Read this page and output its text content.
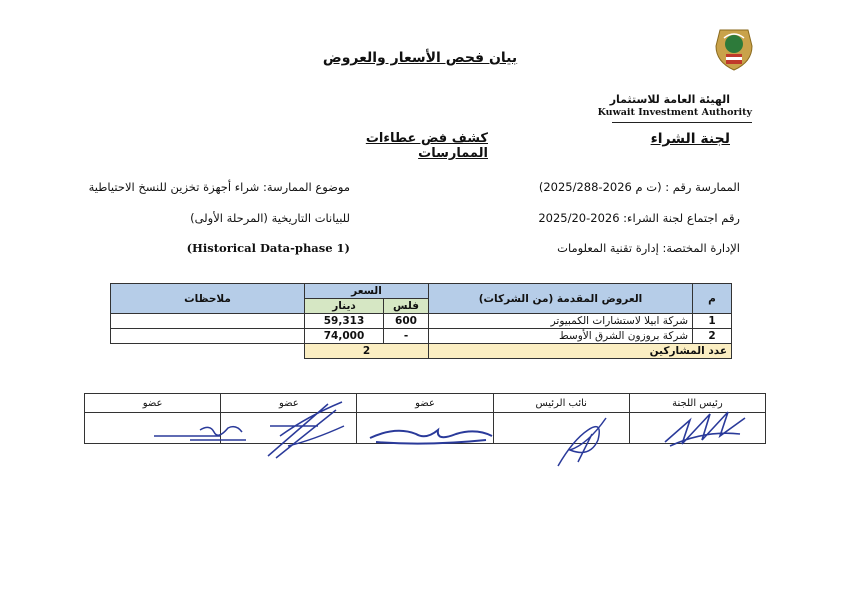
بيان فحص الأسعار والعروض
الهيئة العامة للاستثمار
Kuwait Investment Authority
لجنة الشراء
كشف فض عطاءات الممارسات
الممارسة رقم : (ت م 2026-2025/288)
رقم اجتماع لجنة الشراء: 2026-2025/20
الإدارة المختصة: إدارة تقنية المعلومات
موضوع الممارسة: شراء أجهزة تخزين للنسخ الاحتياطية
للبيانات التاريخية (المرحلة الأولى)
(Historical Data-phase 1)
م	العروض المقدمة (من الشركات)	السعر		ملاحظات
		فلس	دينار	
1	شركة ابيلا لاستشارات الكمبيوتر	600	59,313	
2	شركة بروزون الشرق الأوسط	-	74,000	
عدد المشاركين		2		
رئيس اللجنة	نائب الرئيس	عضو	عضو	عضو
